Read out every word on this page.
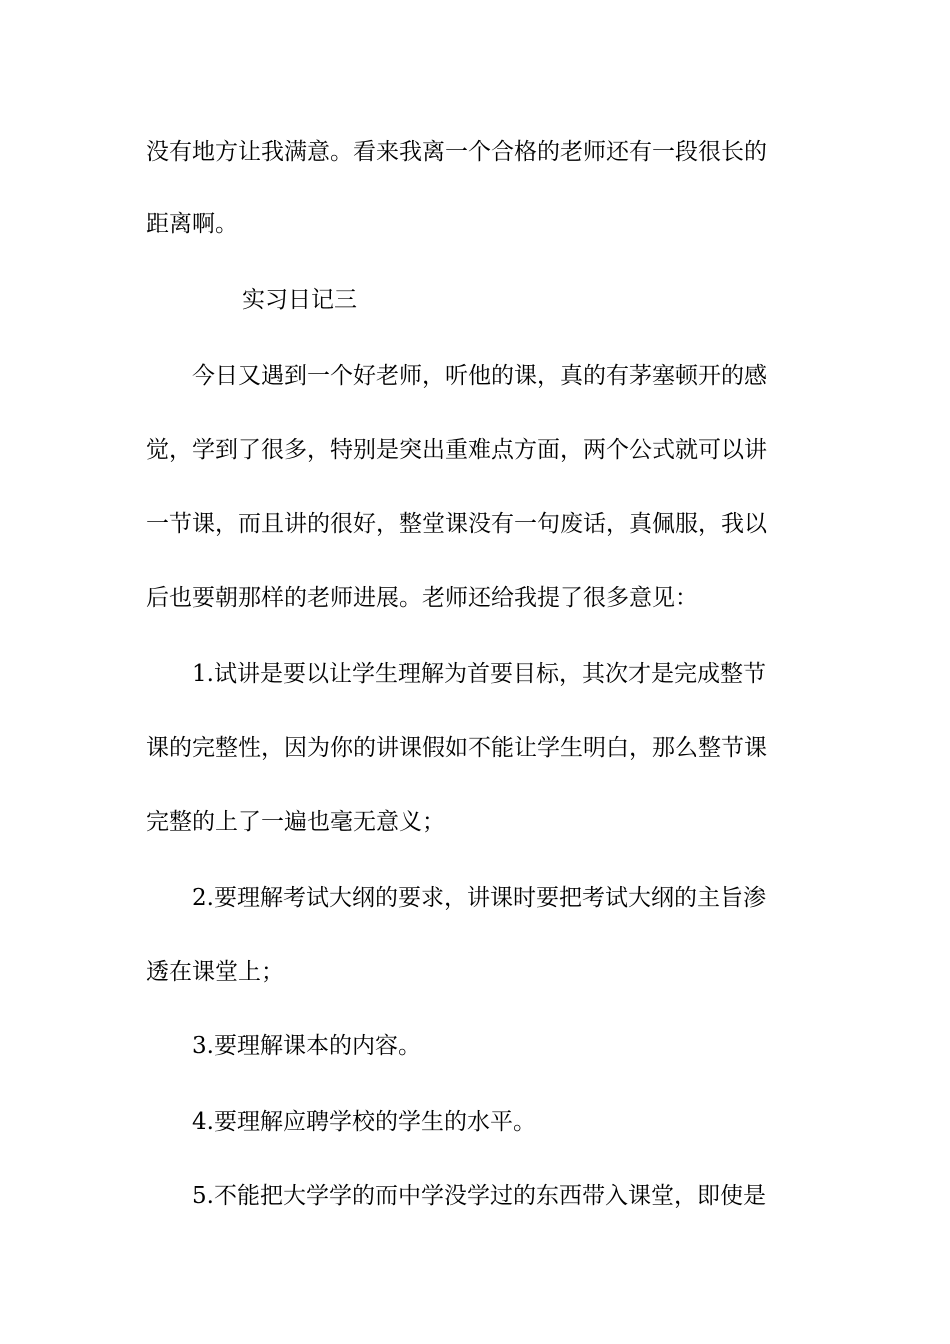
没有地方让我满意。看来我离一个合格的老师还有一段很长的
距离啊。
实习日记三
今日又遇到一个好老师，听他的课，真的有茅塞顿开的感
觉，学到了很多，特别是突出重难点方面，两个公式就可以讲
一节课，而且讲的很好，整堂课没有一句废话，真佩服，我以
后也要朝那样的老师进展。老师还给我提了很多意见：
1.试讲是要以让学生理解为首要目标，其次才是完成整节
课的完整性，因为你的讲课假如不能让学生明白，那么整节课
完整的上了一遍也毫无意义；
2.要理解考试大纲的要求，讲课时要把考试大纲的主旨渗
透在课堂上；
3.要理解课本的内容。
4.要理解应聘学校的学生的水平。
5.不能把大学学的而中学没学过的东西带入课堂，即使是
